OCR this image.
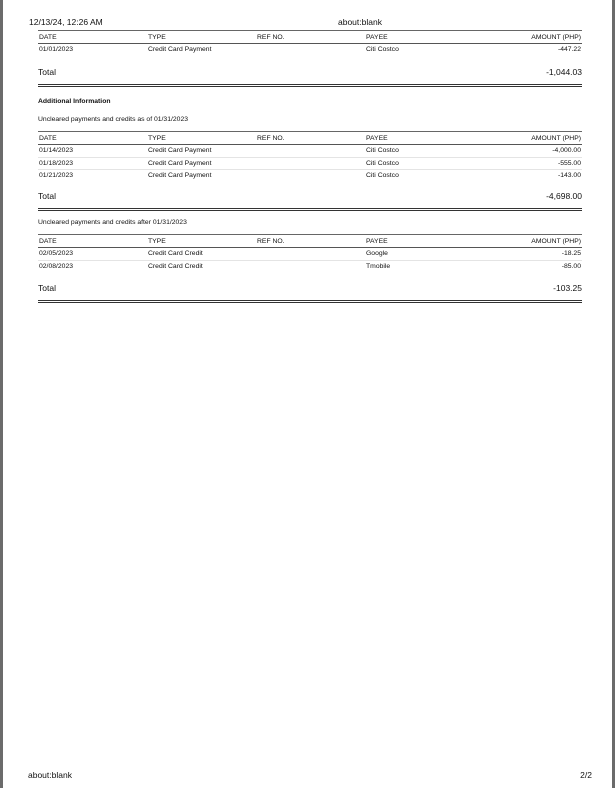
12/13/24, 12:26 AM	about:blank
DATE	TYPE	REF NO.	PAYEE	AMOUNT (PHP)
01/01/2023	Credit Card Payment		Citi Costco	-447.22
Total	-1,044.03
Additional Information
Uncleared payments and credits as of 01/31/2023
DATE	TYPE	REF NO.	PAYEE	AMOUNT (PHP)
01/14/2023	Credit Card Payment		Citi Costco	-4,000.00
01/18/2023	Credit Card Payment		Citi Costco	-555.00
01/21/2023	Credit Card Payment		Citi Costco	-143.00
Total	-4,698.00
Uncleared payments and credits after 01/31/2023
DATE	TYPE	REF NO.	PAYEE	AMOUNT (PHP)
02/05/2023	Credit Card Credit		Google	-18.25
02/08/2023	Credit Card Credit		Tmobile	-85.00
Total	-103.25
about:blank	2/2
